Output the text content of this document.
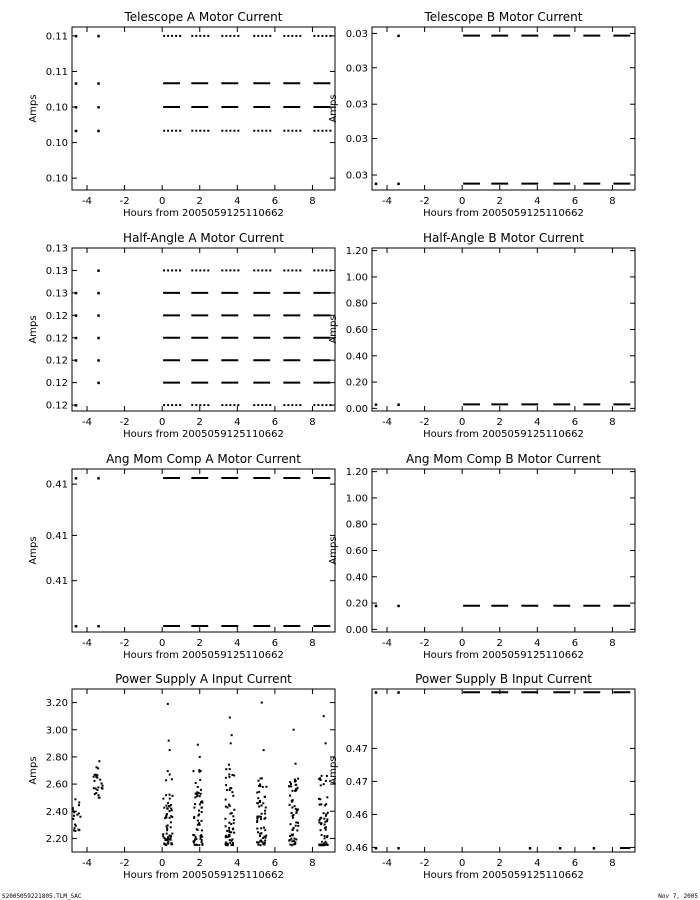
Telescope A Motor Current
-4	-2	0	2	4	6	8
0.10
0.10
0.10
0.11
0.11
Hours from 2005059125110662
Amps
Telescope B Motor Current
-4	-2	0	2	4	6	8
0.03
0.03
0.03
0.03
0.03
Hours from 2005059125110662
Amps
Half-Angle A Motor Current
-4	-2	0	2	4	6	8
0.12
0.12
0.12
0.12
0.12
0.13
0.13
0.13
Hours from 2005059125110662
Amps
Half-Angle B Motor Current
-4	-2	0	2	4	6	8
0.00
0.20
0.40
0.60
0.80
1.00
1.20
Hours from 2005059125110662
Amps
Ang Mom Comp A Motor Current
-4	-2	0	2	4	6	8
0.41
0.41
0.41
Hours from 2005059125110662
Amps
Ang Mom Comp B Motor Current
-4	-2	0	2	4	6	8
0.00
0.20
0.40
0.60
0.80
1.00
1.20
Hours from 2005059125110662
Amps
Power Supply A Input Current
-4	-2	0	2	4	6	8
2.20
2.40
2.60
2.80
3.00
3.20
Hours from 2005059125110662
Amps
Power Supply B Input Current
-4	-2	0	2	4	6	8
0.46
0.46
0.47
0.47
Hours from 2005059125110662
Amps
S2005059221805.TLM_SAC	Nov 7, 2005
